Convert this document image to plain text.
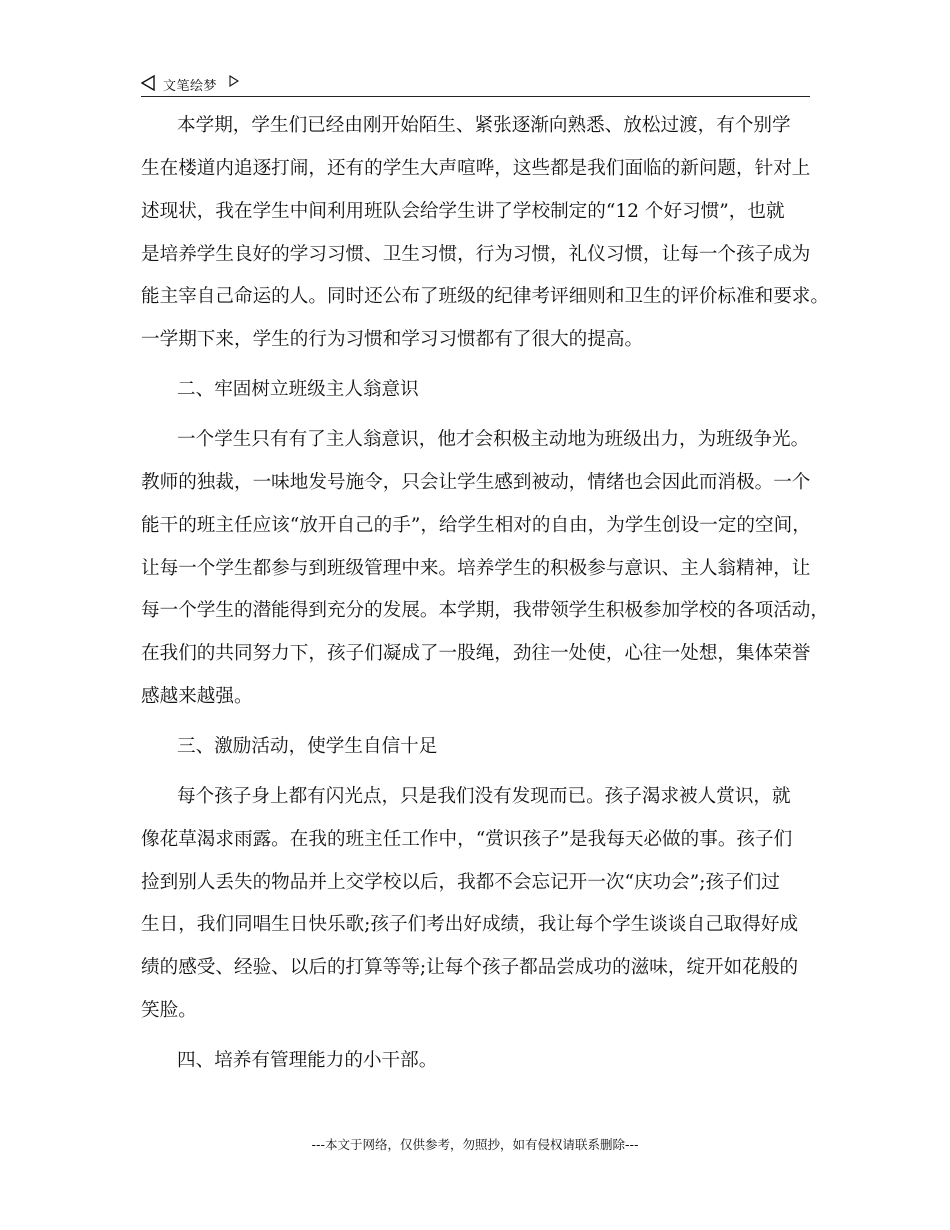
文笔绘梦
本学期，学生们已经由刚开始陌生、紧张逐渐向熟悉、放松过渡，有个别学
生在楼道内追逐打闹，还有的学生大声喧哗，这些都是我们面临的新问题，针对上
述现状，我在学生中间利用班队会给学生讲了学校制定的“12 个好习惯”，也就
是培养学生良好的学习习惯、卫生习惯，行为习惯，礼仪习惯，让每一个孩子成为
能主宰自己命运的人。同时还公布了班级的纪律考评细则和卫生的评价标准和要求。
一学期下来，学生的行为习惯和学习习惯都有了很大的提高。
二、牢固树立班级主人翁意识
一个学生只有有了主人翁意识，他才会积极主动地为班级出力，为班级争光。
教师的独裁，一味地发号施令，只会让学生感到被动，情绪也会因此而消极。一个
能干的班主任应该“放开自己的手”，给学生相对的自由，为学生创设一定的空间，
让每一个学生都参与到班级管理中来。培养学生的积极参与意识、主人翁精神，让
每一个学生的潜能得到充分的发展。本学期，我带领学生积极参加学校的各项活动，
在我们的共同努力下，孩子们凝成了一股绳，劲往一处使，心往一处想，集体荣誉
感越来越强。
三、激励活动，使学生自信十足
每个孩子身上都有闪光点，只是我们没有发现而已。孩子渴求被人赏识，就
像花草渴求雨露。在我的班主任工作中，“赏识孩子”是我每天必做的事。孩子们
捡到别人丢失的物品并上交学校以后，我都不会忘记开一次“庆功会”;孩子们过
生日，我们同唱生日快乐歌;孩子们考出好成绩，我让每个学生谈谈自己取得好成
绩的感受、经验、以后的打算等等;让每个孩子都品尝成功的滋味，绽开如花般的
笑脸。
四、培养有管理能力的小干部。
---本文于网络，仅供参考，勿照抄，如有侵权请联系删除---
